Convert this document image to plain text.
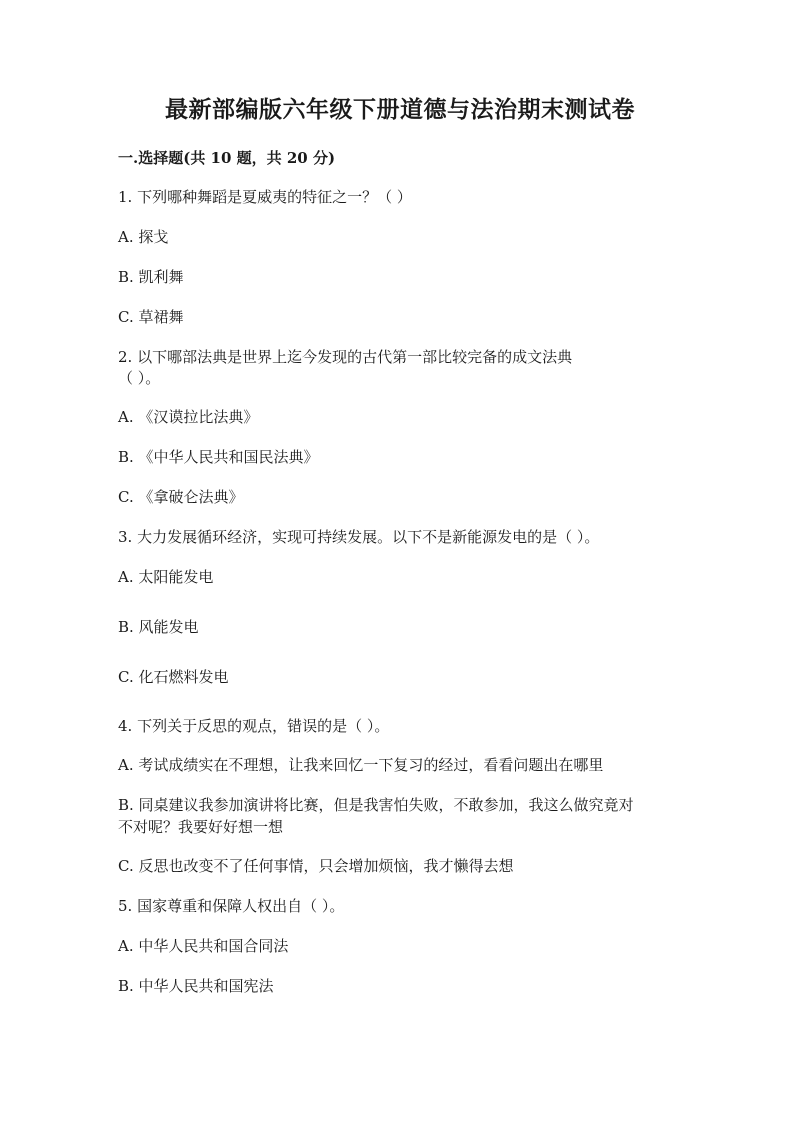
最新部编版六年级下册道德与法治期末测试卷
一.选择题(共 10 题，共 20 分)
1. 下列哪种舞蹈是夏威夷的特征之一？（ ）
A. 探戈
B. 凯利舞
C. 草裙舞
2. 以下哪部法典是世界上迄今发现的古代第一部比较完备的成文法典
（ ）。
A. 《汉谟拉比法典》
B. 《中华人民共和国民法典》
C. 《拿破仑法典》
3. 大力发展循环经济，实现可持续发展。以下不是新能源发电的是（ ）。
A. 太阳能发电
B. 风能发电
C. 化石燃料发电
4. 下列关于反思的观点，错误的是（ ）。
A. 考试成绩实在不理想，让我来回忆一下复习的经过，看看问题出在哪里
B. 同桌建议我参加演讲将比赛，但是我害怕失败，不敢参加，我这么做究竟对
不对呢？我要好好想一想
C. 反思也改变不了任何事情，只会增加烦恼，我才懒得去想
5. 国家尊重和保障人权出自（ ）。
A. 中华人民共和国合同法
B. 中华人民共和国宪法
